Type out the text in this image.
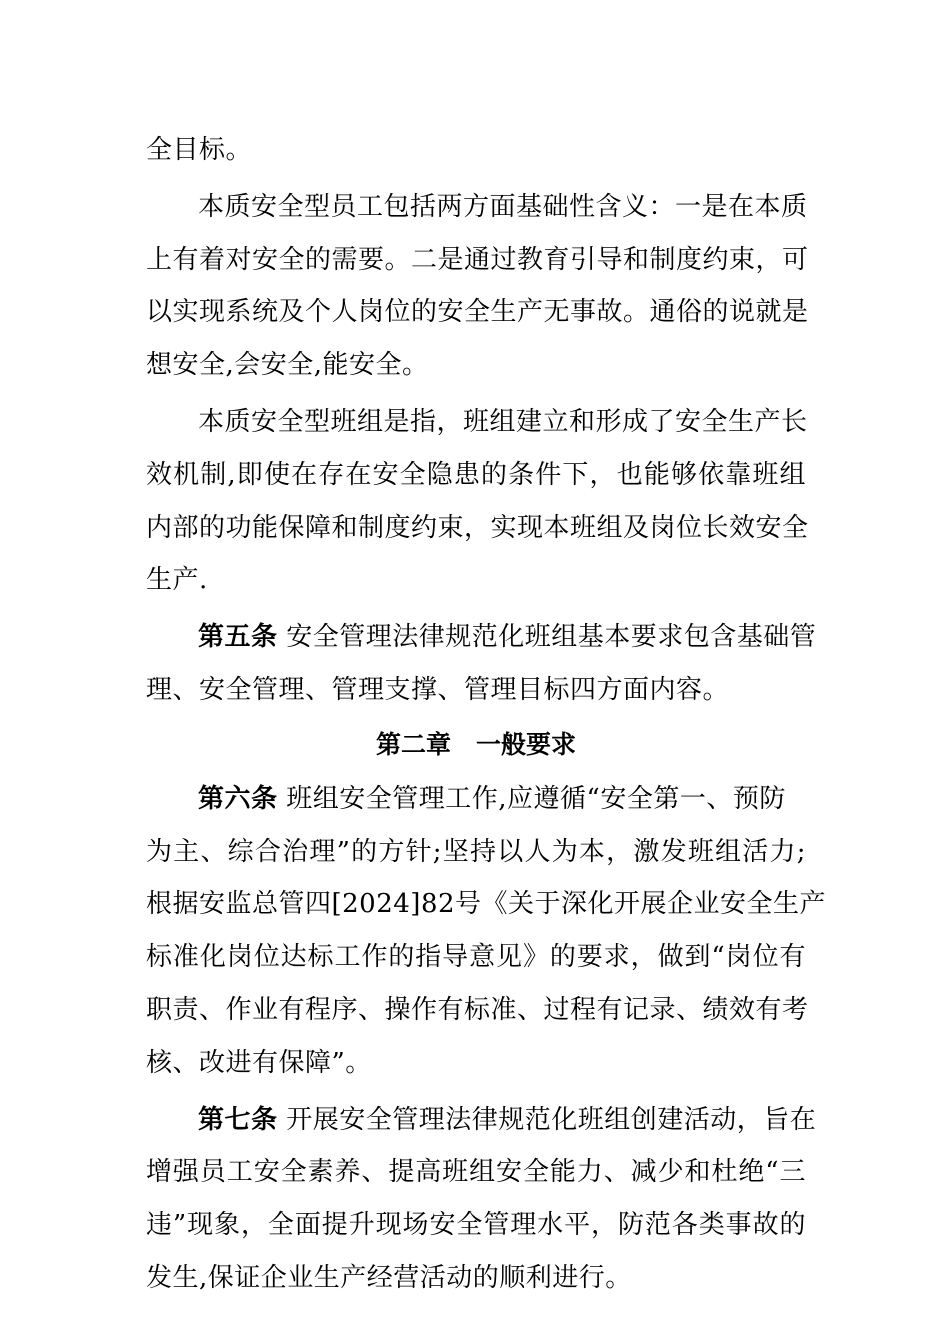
全目标。
本质安全型员工包括两方面基础性含义：一是在本质
上有着对安全的需要。二是通过教育引导和制度约束，可
以实现系统及个人岗位的安全生产无事故。通俗的说就是
想安全,会安全,能安全。
本质安全型班组是指，班组建立和形成了安全生产长
效机制,即使在存在安全隐患的条件下，也能够依靠班组
内部的功能保障和制度约束，实现本班组及岗位长效安全
生产.
第五条 安全管理法律规范化班组基本要求包含基础管
理、安全管理、管理支撑、管理目标四方面内容。
第二章　一般要求
第六条 班组安全管理工作,应遵循“安全第一、预防
为主、综合治理”的方针;坚持以人为本，激发班组活力;
根据安监总管四[2024]82号《关于深化开展企业安全生产
标准化岗位达标工作的指导意见》的要求，做到“岗位有
职责、作业有程序、操作有标准、过程有记录、绩效有考
核、改进有保障”。
第七条 开展安全管理法律规范化班组创建活动，旨在
增强员工安全素养、提高班组安全能力、减少和杜绝“三
违”现象，全面提升现场安全管理水平，防范各类事故的
发生,保证企业生产经营活动的顺利进行。
